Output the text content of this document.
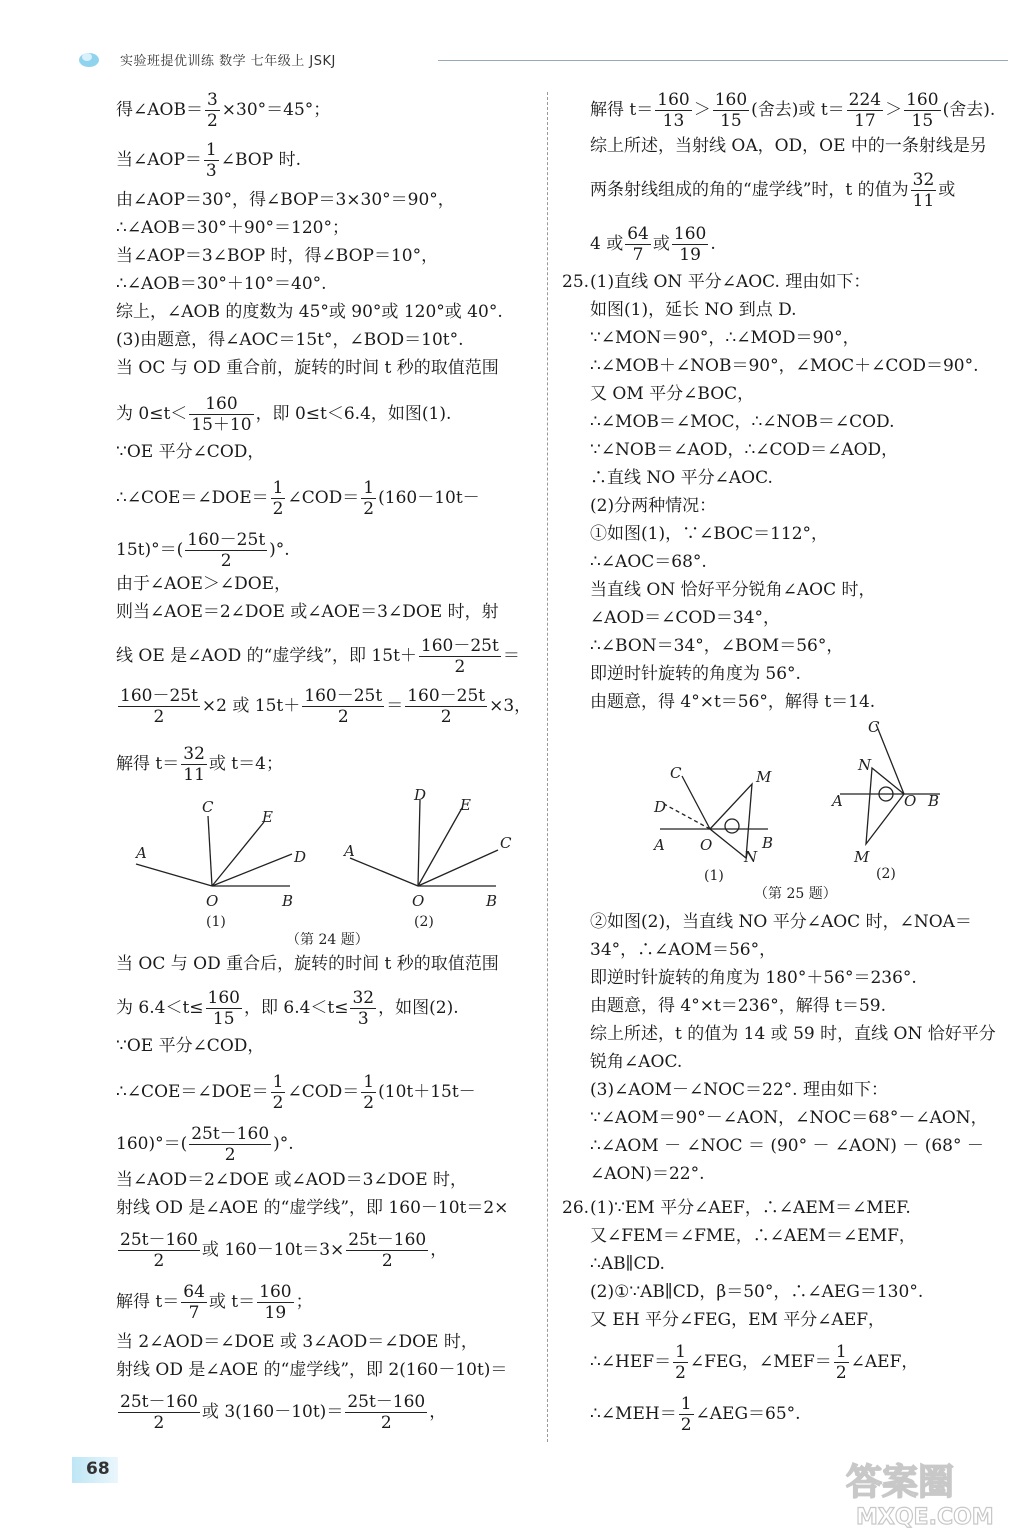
实验班提优训练 数学 七年级上 JSKJ
得∠AOB＝ $\frac{3}{2} \times 30^\circ=45^\circ$；
当∠AOP＝ $\frac{1}{3}$ ∠BOP 时.
由∠AOP＝30°，得∠BOP＝3×30°＝90°，
∴∠AOB＝30°＋90°＝120°；
当∠AOP＝3∠BOP 时，得∠BOP＝10°，
∴∠AOB＝30°＋10°＝40°.
综上，∠AOB 的度数为 45°或 90°或 120°或 40°.
(3)由题意，得∠AOC＝15t°，∠BOD＝10t°.
当 OC 与 OD 重合前，旋转的时间 t 秒的取值范围
为 $0\le t< \frac{160}{15+10}$ ，即 0≤t＜6.4，如图(1).
∵OE 平分∠COD，
∴∠COE＝∠DOE＝ $\frac{1}{2}$ ∠COD＝ $\frac{1}{2} (160-10t-$
$15t)^\circ=( \frac{160-25t}{2}$ )°.
由于∠AOE＞∠DOE，
则当∠AOE＝2∠DOE 或∠AOE＝3∠DOE 时，射
线 OE 是∠AOD 的“虚学线”，即 $15t+ \frac{160-25t}{2}$ ＝
$\frac{160-25t}{2} \times 2$ 或 $15t+ \frac{160-25t}{2} = \frac{160-25t}{2} \times 3$，
解得 $t= \frac{32}{11}$ 或 t＝4；
C
E
A	D
O	B
(1)
D
E
C
A
O	B
(2)
（第 24 题）
当 OC 与 OD 重合后，旋转的时间 t 秒的取值范围
为 $6.4<t\le \frac{160}{15}$ ，即 $6.4<t\le \frac{32}{3}$ ，如图(2).
∵OE 平分∠COD，
∴∠COE＝∠DOE＝ $\frac{1}{2}$ ∠COD＝ $\frac{1}{2} (10t+15t-$
$160)^\circ=( \frac{25t-160}{2}$ )°.
当∠AOD＝2∠DOE 或∠AOD＝3∠DOE 时，
射线 OD 是∠AOE 的“虚学线”，即 160－10t＝2×
$\frac{25t-160}{2}$ 或 $160-10t=3\times \frac{25t-160}{2}$ ，
解得 $t= \frac{64}{7}$ 或 $t= \frac{160}{19}$ ；
当 2∠AOD＝∠DOE 或 3∠AOD＝∠DOE 时，
射线 OD 是∠AOE 的“虚学线”，即 2(160－10t)＝
$\frac{25t-160}{2}$ 或 $3(160-10t)= \frac{25t-160}{2}$ ，
解得 $t= \frac{160}{13} > \frac{160}{15}$ (舍去)或 $t= \frac{224}{17} > \frac{160}{15}$ (舍去).
综上所述，当射线 OA，OD，OE 中的一条射线是另
两条射线组成的角的“虚学线”时，t 的值为 $\frac{32}{11}$ 或
4 或 $\frac{64}{7}$ 或 $\frac{160}{19}$ .
25. (1)直线 ON 平分∠AOC. 理由如下：
如图(1)，延长 NO 到点 D.
∵∠MON＝90°，∴∠MOD＝90°，
∴∠MOB＋∠NOB＝90°，∠MOC＋∠COD＝90°.
又 OM 平分∠BOC，
∴∠MOB＝∠MOC，∴∠NOB＝∠COD.
∵∠NOB＝∠AOD，∴∠COD＝∠AOD，
∴直线 NO 平分∠AOC.
(2)分两种情况：
①如图(1)，∵∠BOC＝112°，
∴∠AOC＝68°.
当直线 ON 恰好平分锐角∠AOC 时，
∠AOD＝∠COD＝34°，
∴∠BON＝34°，∠BOM＝56°，
即逆时针旋转的角度为 56°.
由题意，得 4°×t＝56°，解得 t＝14.
C	M
D
A O	B
N
(1)
C
N
A	O B
M
(2)
（第 25 题）
②如图(2)，当直线 NO 平分∠AOC 时，∠NOA＝
34°，∴∠AOM＝56°，
即逆时针旋转的角度为 180°＋56°＝236°.
由题意，得 4°×t＝236°，解得 t＝59.
综上所述，t 的值为 14 或 59 时，直线 ON 恰好平分
锐角∠AOC.
(3)∠AOM－∠NOC＝22°. 理由如下：
∵∠AOM＝90°－∠AON，∠NOC＝68°－∠AON，
∴∠AOM － ∠NOC ＝ (90° － ∠AON) － (68° －
∠AON)＝22°.
26. (1)∵EM 平分∠AEF，∴∠AEM＝∠MEF.
又∠FEM＝∠FME，∴∠AEM＝∠EMF，
∴AB∥CD.
(2)①∵AB∥CD，β＝50°，∴∠AEG＝130°.
又 EH 平分∠FEG，EM 平分∠AEF，
∴∠HEF＝ $\frac{1}{2}$ ∠FEG，∠MEF＝ $\frac{1}{2}$ ∠AEF，
∴∠MEH＝ $\frac{1}{2}$ ∠AEG＝65°.
68	答案圈
MXQE.COM
